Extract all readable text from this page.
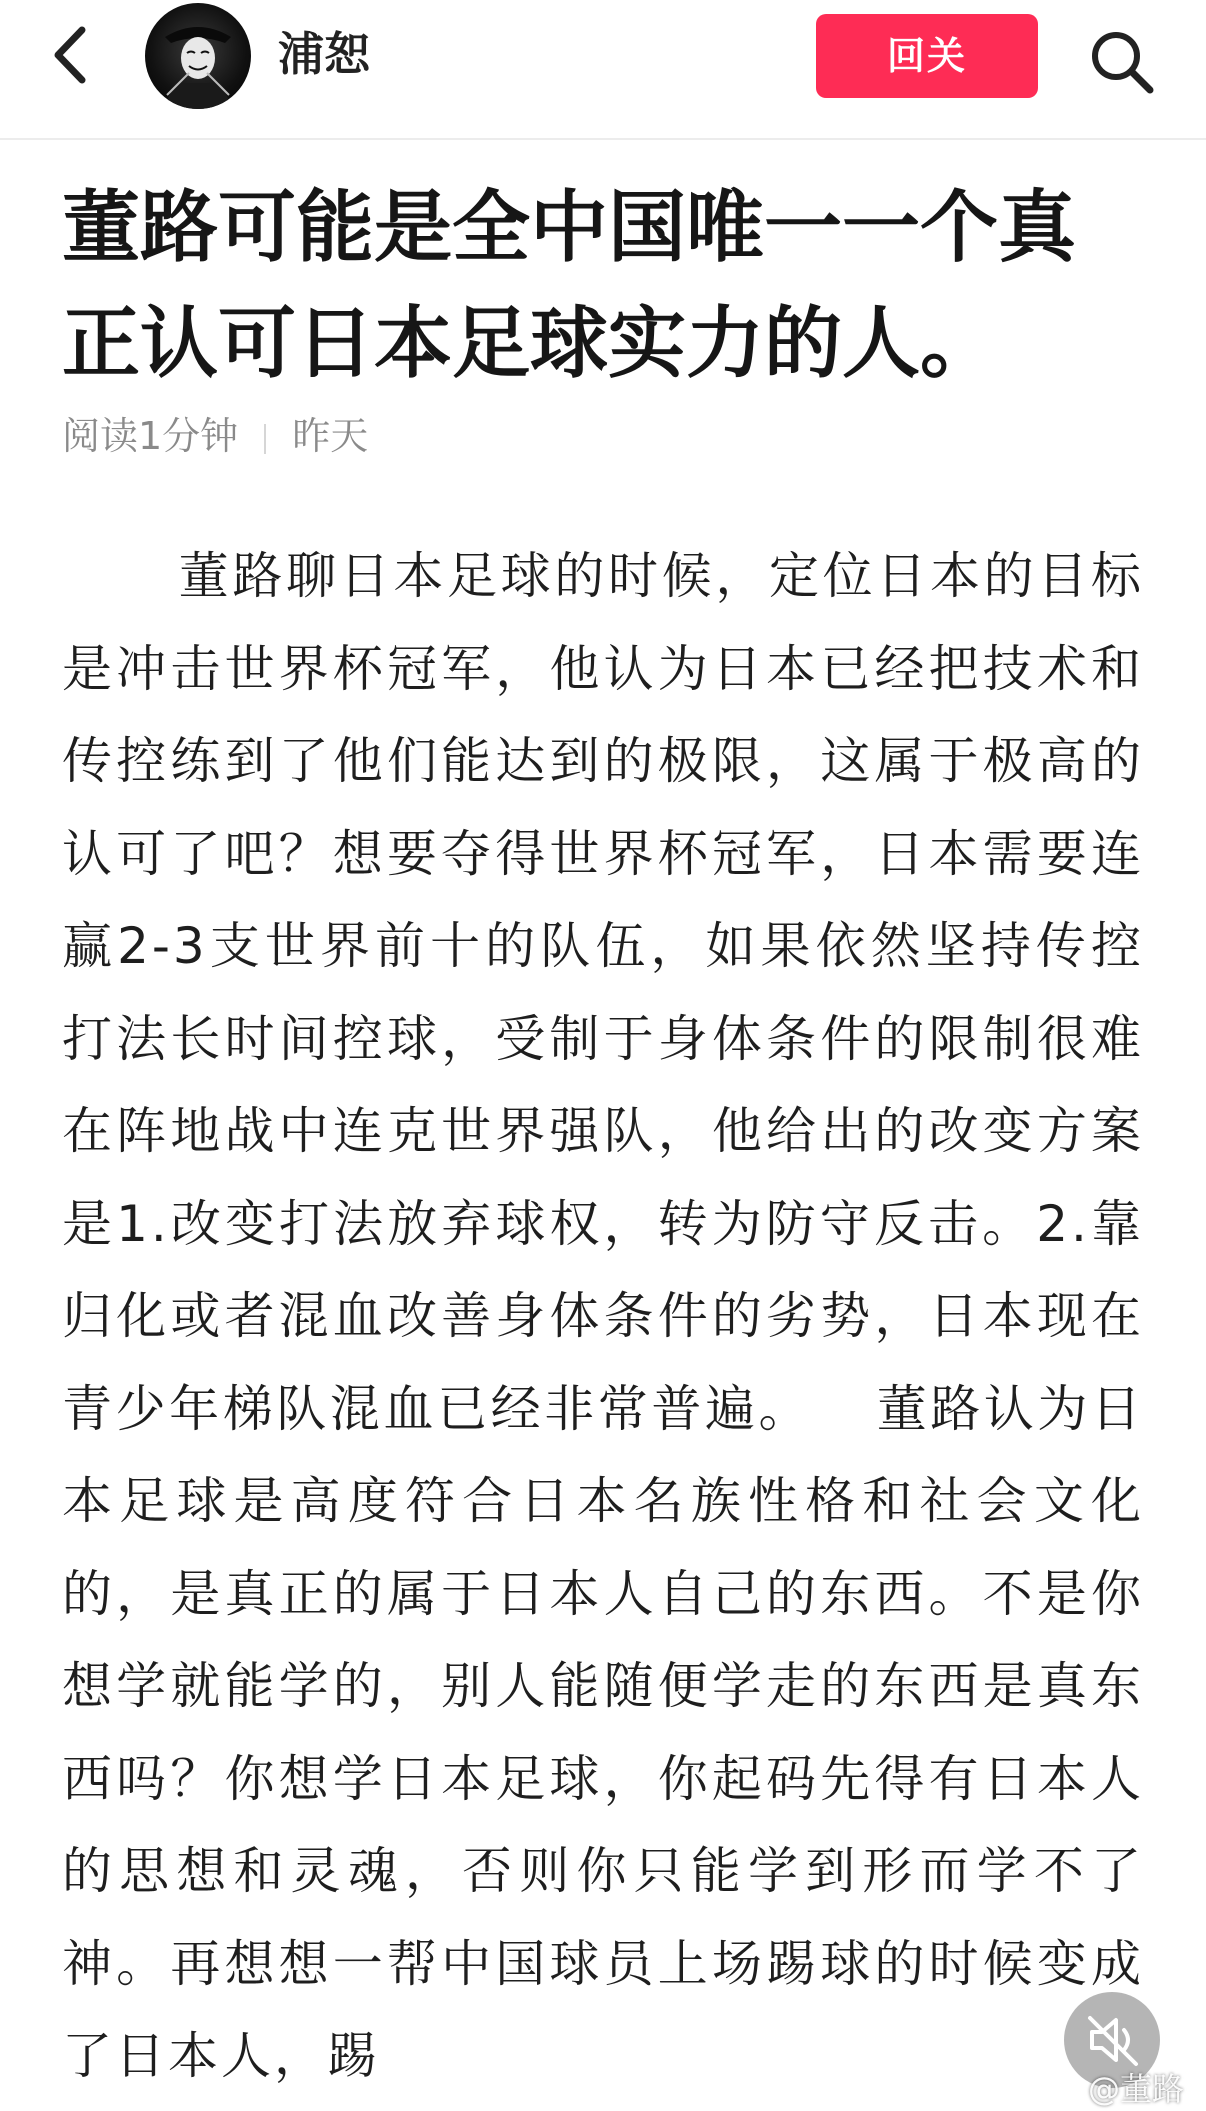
浦恕	回关
董路可能是全中国唯一一个真正认可日本足球实力的人。
阅读1分钟 昨天

董路聊日本足球的时候，定位日本的目标是冲击世界杯冠军，他认为日本已经把技术和传控练到了他们能达到的极限，这属于极高的认可了吧？想要夺得世界杯冠军，日本需要连赢2-3支世界前十的队伍，如果依然坚持传控打法长时间控球，受制于身体条件的限制很难在阵地战中连克世界强队，他给出的改变方案是1.改变打法放弃球权，转为防守反击。2.靠归化或者混血改善身体条件的劣势，日本现在青少年梯队混血已经非常普遍。 董路认为日本足球是高度符合日本名族性格和社会文化的，是真正的属于日本人自己的东西。不是你想学就能学的，别人能随便学走的东西是真东西吗？你想学日本足球，你起码先得有日本人的思想和灵魂，否则你只能学到形而学不了神。再想想一帮中国球员上场踢球的时候变成了日本人，踢

@董路
